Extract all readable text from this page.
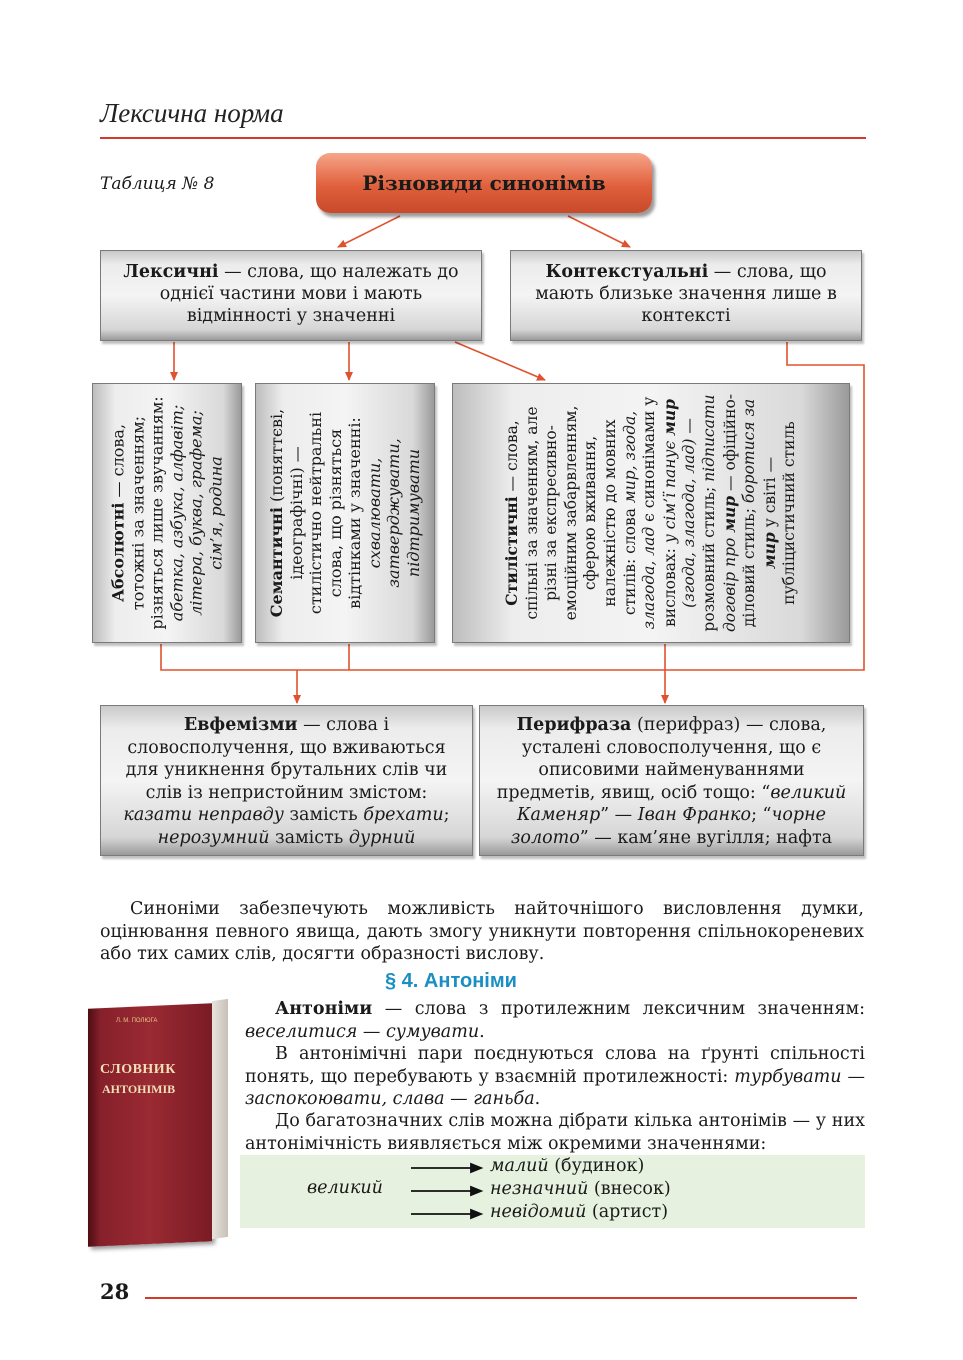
Лексична норма
Таблиця № 8	Різновиди синонімів
Лексичні — слова, що належать до однієї частини мови і мають відмінності у значенні
Контекстуальні — слова, що мають близьке значення лише в контексті
Абсолютні — слова, тотожні за значенням; різняться лише звучанням: абетка, азбука, алфавіт; літера, буква, графема; сім’я, родина	Семантичні (поняттєві, ідеографічні) — стилістично нейтральні слова, що різняться відтінками у значенні: схвалювати, затверджувати, підтримувати	Стилістичні — слова, спільні за значенням, але різні за експресивно-емоційним забарвленням, сферою вживання, належністю до мовних стилів: слова мир, згода, злагода, лад є синонімами у висловах: у сім’ї панує мир (згода, злагода, лад) — розмовний стиль; підписати договір про мир — офіційно-діловий стиль; боротися за мир у світі — публіцистичний стиль
Евфемізми — слова і словосполучення, що вживаються для уникнення брутальних слів чи слів із непристойним змістом: казати неправду замість брехати; нерозумний замість дурний
Перифраза (перифраз) — слова, усталені словосполучення, що є описовими найменуваннями предметів, явищ, осіб тощо: “великий Каменяр” — Іван Франко; “чорне золото” — кам’яне вугілля; нафта
Синоніми забезпечують можливість найточнішого висловлення думки, оцінювання певного явища, дають змогу уникнути повторення спільнокореневих або тих самих слів, досягти образності вислову.
§ 4. Антоніми
Л. М. ПОЛЮГА
СЛОВНИК
АНТОНІМІВ
Антоніми — слова з протилежним лексичним значенням: веселитися — сумувати.
В антонімічні пари поєднуються слова на ґрунті спільності понять, що перебувають у взаємній протилежності: турбувати — заспокоювати, слава — ганьба.
До багатозначних слів можна дібрати кілька антонімів — у них антонімічність виявляється між окремими значеннями:
великий
малий (будинок)
незначний (внесок)
невідомий (артист)
28
